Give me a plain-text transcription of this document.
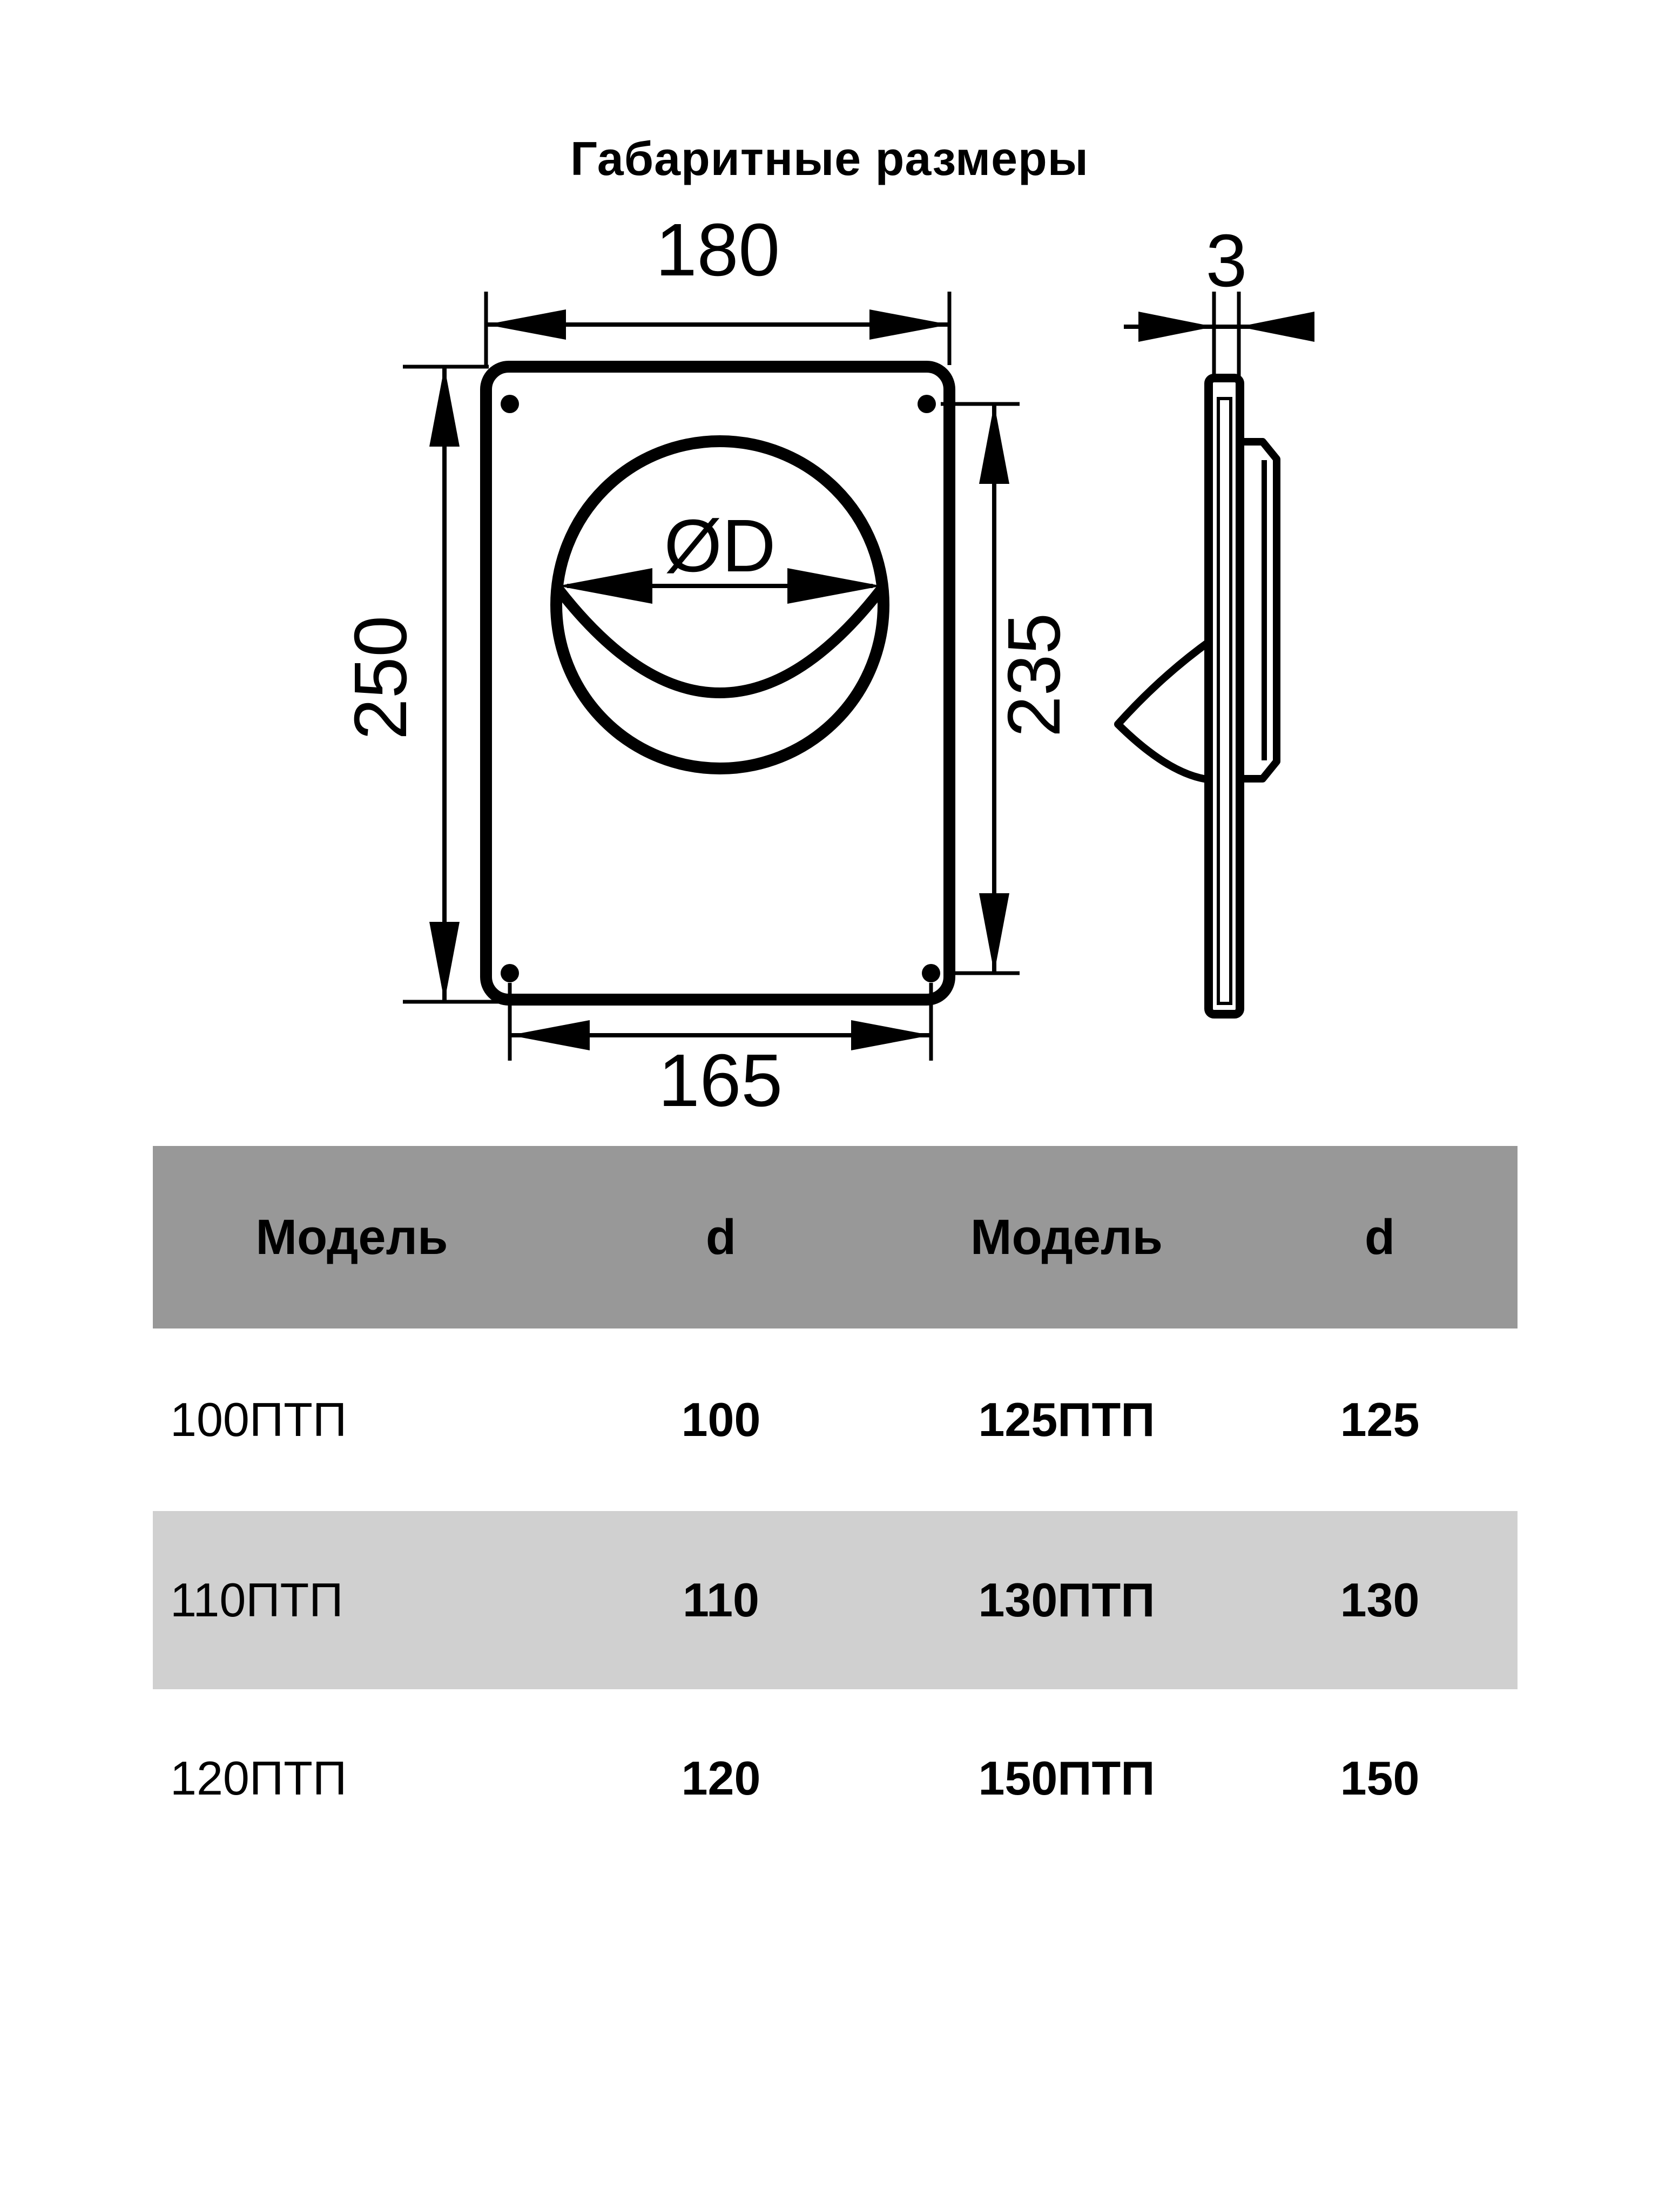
Габаритные размеры
ØD
180
250	235
165
3
Модель	d	Модель	d
100ПТП	100	125ПТП	125
110ПТП	110	130ПТП	130
120ПТП	120	150ПТП	150
